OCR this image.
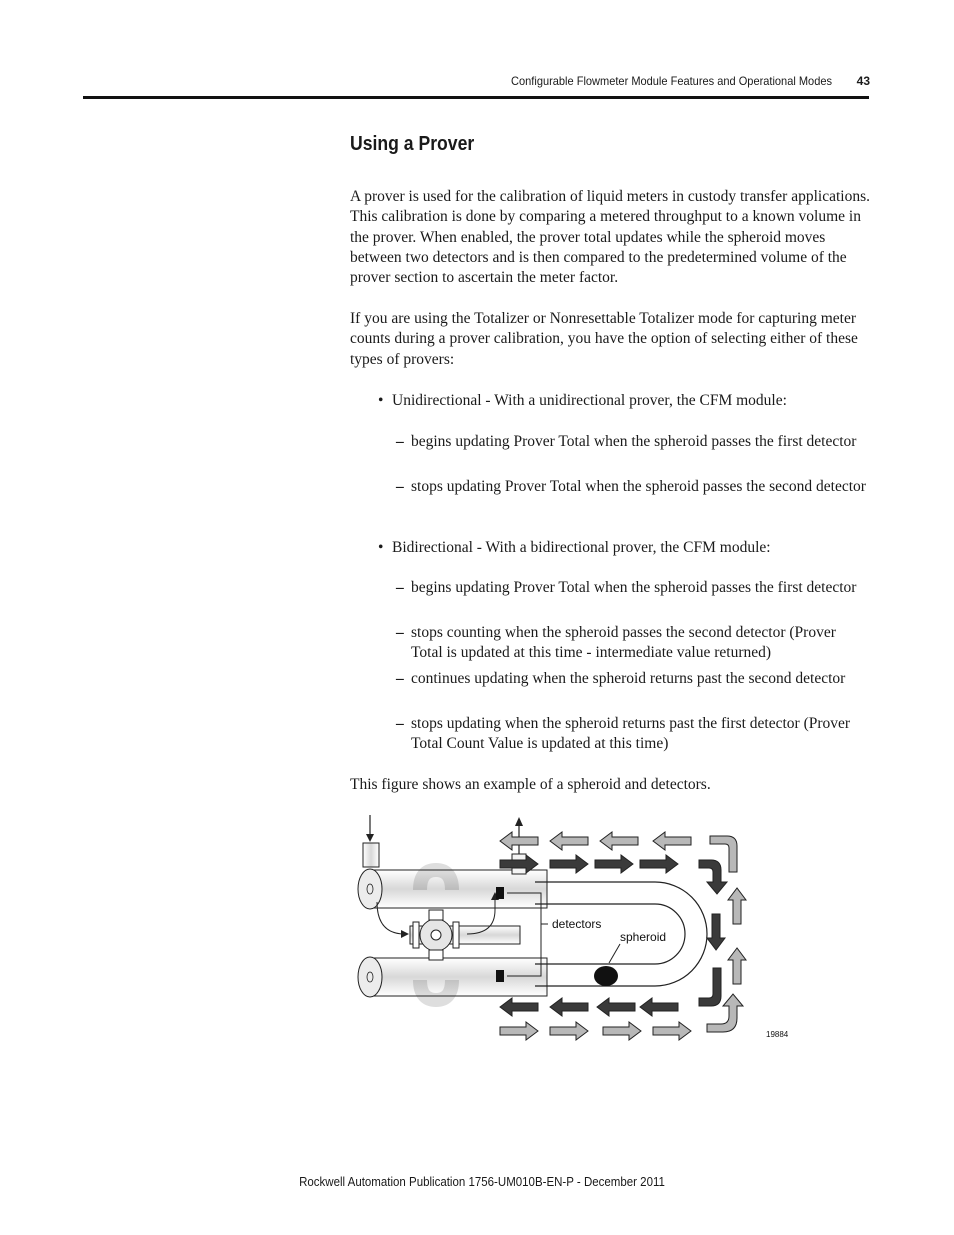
Configurable Flowmeter Module Features and Operational Modes	43
Using a Prover

A prover is used for the calibration of liquid meters in custody transfer applications. This calibration is done by comparing a metered throughput to a known volume in the prover. When enabled, the prover total updates while the spheroid moves between two detectors and is then compared to the predetermined volume of the prover section to ascertain the meter factor.

If you are using the Totalizer or Nonresettable Totalizer mode for capturing meter counts during a prover calibration, you have the option of selecting either of these types of provers:

• Unidirectional - With a unidirectional prover, the CFM module:
– begins updating Prover Total when the spheroid passes the first detector
– stops updating Prover Total when the spheroid passes the second detector
• Bidirectional - With a bidirectional prover, the CFM module:
– begins updating Prover Total when the spheroid passes the first detector
– stops counting when the spheroid passes the second detector (Prover Total is updated at this time - intermediate value returned)
– continues updating when the spheroid returns past the second detector
– stops updating when the spheroid returns past the first detector (Prover Total Count Value is updated at this time)

This figure shows an example of a spheroid and detectors.

detectors
spheroid
19884
Rockwell Automation Publication 1756-UM010B-EN-P - December 2011
